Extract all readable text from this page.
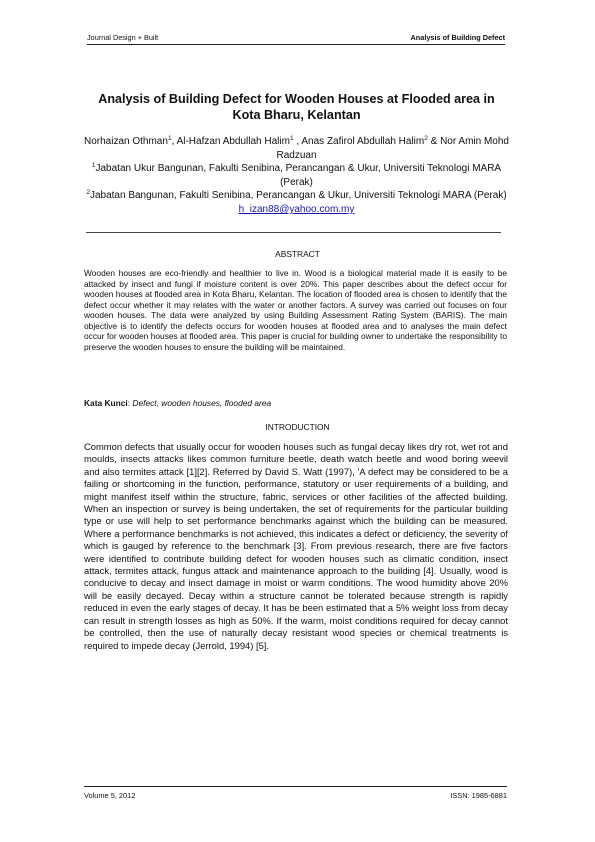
Journal Design + Built	Analysis of Building Defect
Analysis of Building Defect for Wooden Houses at Flooded area in Kota Bharu, Kelantan
Norhaizan Othman$^1$, Al-Hafzan Abdullah Halim$^1$ , Anas Zafirol Abdullah Halim$^2$ & Nor Amin Mohd Radzuan
$^1$Jabatan Ukur Bangunan, Fakulti Senibina, Perancangan & Ukur, Universiti Teknologi MARA (Perak)
$^2$Jabatan Bangunan, Fakulti Senibina, Perancangan & Ukur, Universiti Teknologi MARA (Perak)
h_izan88@yahoo.com.my
ABSTRACT
Wooden houses are eco-friendly and healthier to live in. Wood is a biological material made it is easily to be attacked by insect and fungi if moisture content is over 20%. This paper describes about the defect occur for wooden houses at flooded area in Kota Bharu, Kelantan. The location of flooded area is chosen to identify that the defect occur whether it may relates with the water or another factors. A survey was carried out focuses on four wooden houses. The data were analyzed by using Building Assessment Rating System (BARIS). The main objective is to identify the defects occurs for wooden houses at flooded area and to analyses the main defect occur for wooden houses at flooded area. This paper is crucial for building owner to undertake the responsibility to preserve the wooden houses to ensure the building will be maintained.
Kata Kunci: Defect, wooden houses, flooded area
INTRODUCTION
Common defects that usually occur for wooden houses such as fungal decay likes dry rot, wet rot and moulds, insects attacks likes common furniture beetle, death watch beetle and wood boring weevil and also termites attack [1][2]. Referred by David S. Watt (1997), 'A defect may be considered to be a failing or shortcoming in the function, performance, statutory or user requirements of a building, and might manifest itself within the structure, fabric, services or other facilities of the affected building. When an inspection or survey is being undertaken, the set of requirements for the particular building type or use will help to set performance benchmarks against which the building can be measured. Where a performance benchmarks is not achieved, this indicates a defect or deficiency, the severity of which is gauged by reference to the benchmark [3]. From previous research, there are five factors were identified to contribute building defect for wooden houses such as climatic condition, insect attack, termites attack, fungus attack and maintenance approach to the building [4]. Usually, wood is conducive to decay and insect damage in moist or warm conditions. The wood humidity above 20% will be easily decayed. Decay within a structure cannot be tolerated because strength is rapidly reduced in even the early stages of decay. It has be been estimated that a 5% weight loss from decay can result in strength losses as high as 50%. If the warm, moist conditions required for decay cannot be controlled, then the use of naturally decay resistant wood species or chemical treatments is required to impede decay (Jerrold, 1994) [5].
Volume 5, 2012	ISSN: 1985-6881
